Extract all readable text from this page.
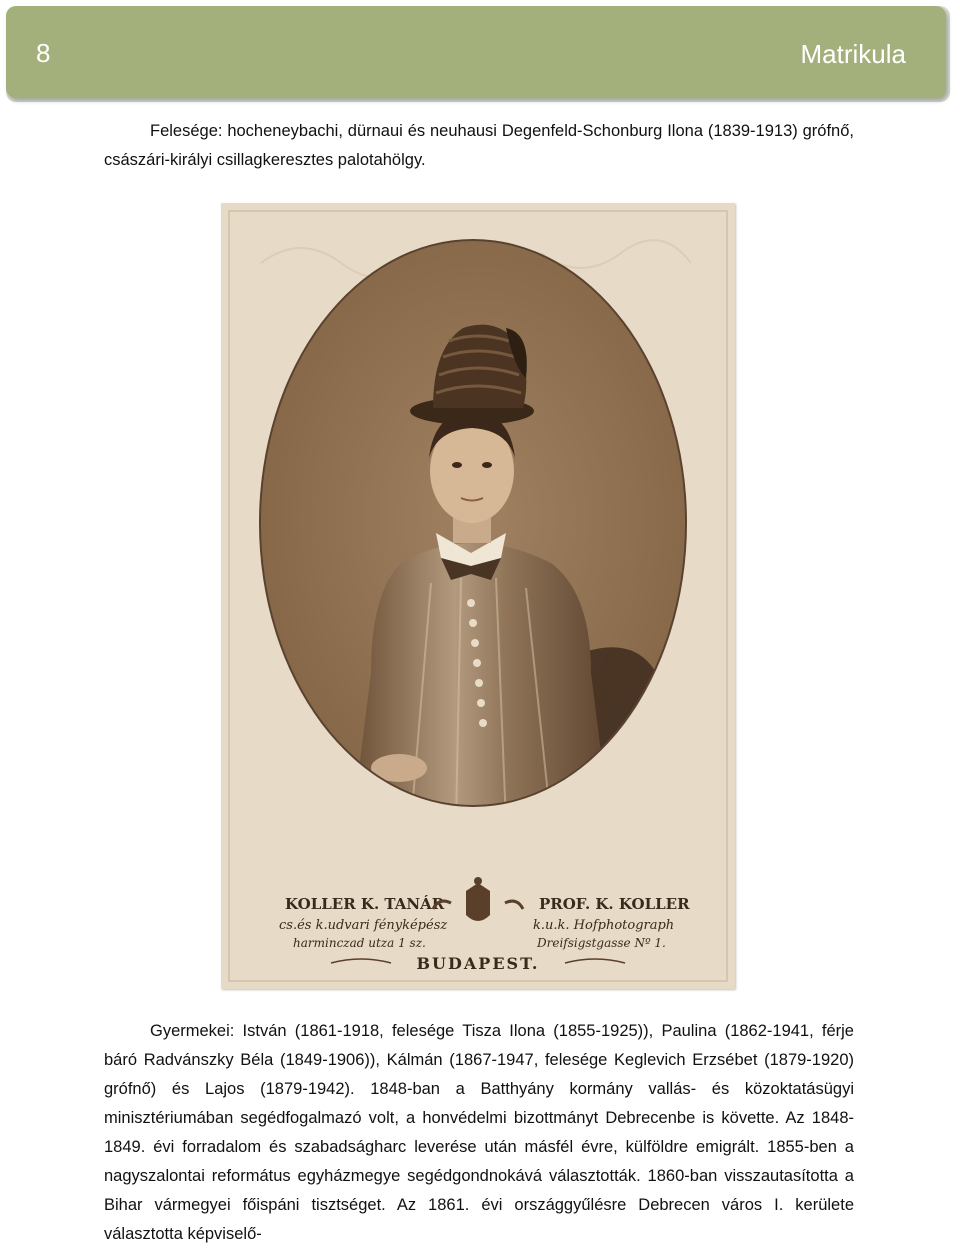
8	Matrikula

Felesége: hocheneybachi, dürnaui és neuhausi Degenfeld-Schonburg Ilona (1839-1913) grófnő, császári-királyi csillagkeresztes palotahölgy.

KOLLER K. TANÁR	PROF. K. KOLLER
cs.és k.udvari fényképész	k.u.k. Hofphotograph
harminczad utza 1 sz.	Dreifsigstgasse Nº 1.
BUDAPEST.

Gyermekei: István (1861-1918, felesége Tisza Ilona (1855-1925)), Paulina (1862-1941, férje báró Radvánszky Béla (1849-1906)), Kálmán (1867-1947, felesége Keglevich Erzsébet (1879-1920) grófnő) és Lajos (1879-1942). 1848-ban a Batthyány kormány vallás- és közoktatásügyi minisztériumában segédfogalmazó volt, a honvédelmi bizottmányt Debrecenbe is követte. Az 1848-1849. évi forradalom és szabadságharc leverése után másfél évre, külföldre emigrált. 1855-ben a nagyszalontai református egyházmegye segédgondnokává választották. 1860-ban visszautasította a Bihar vármegyei főispáni tisztséget. Az 1861. évi országgyűlésre Debrecen város I. kerülete választotta képviselő-
